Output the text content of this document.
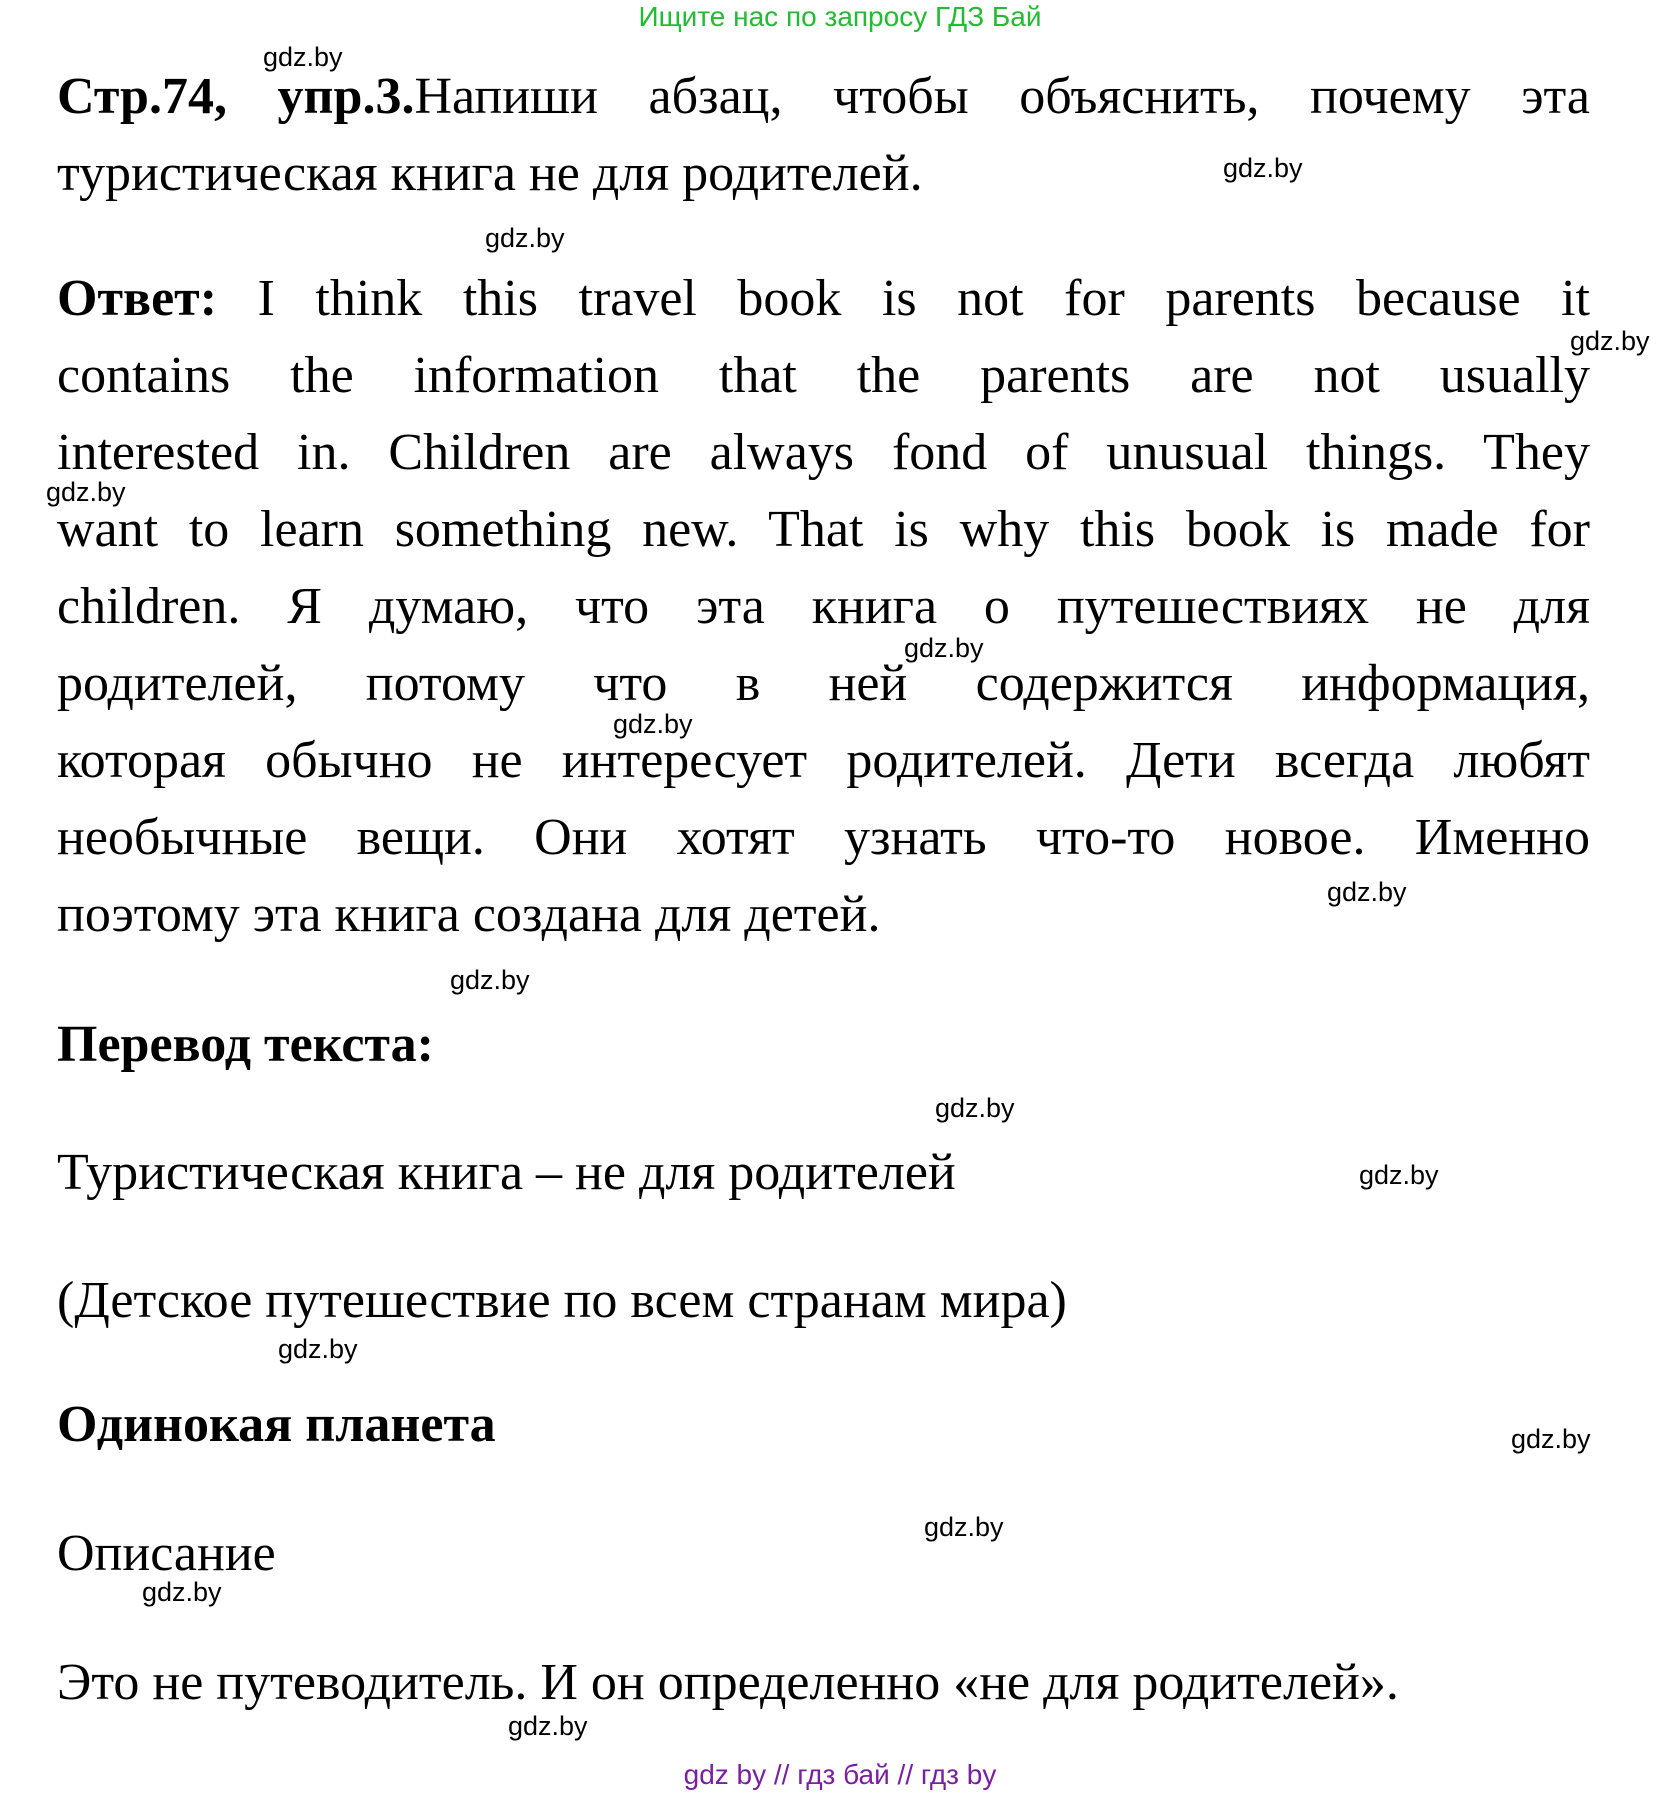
Ищите нас по запросу ГДЗ Бай
Стр.74, упр.3.Напиши абзац, чтобы объяснить, почему эта
туристическая книга не для родителей.
Ответ: I think this travel book is not for parents because it
contains the information that the parents are not usually
interested in. Children are always fond of unusual things. They
want to learn something new. That is why this book is made for
children. Я думаю, что эта книга о путешествиях не для
родителей, потому что в ней содержится информация,
которая обычно не интересует родителей. Дети всегда любят
необычные вещи. Они хотят узнать что-то новое. Именно
поэтому эта книга создана для детей.
Перевод текста:
Туристическая книга – не для родителей
(Детское путешествие по всем странам мира)
Одинокая планета
Описание
Это не путеводитель. И он определенно «не для родителей».
gdz.by
gdz.by
gdz.by
gdz.by
gdz.by
gdz.by
gdz.by
gdz.by
gdz.by
gdz.by
gdz.by
gdz.by
gdz.by
gdz.by
gdz.by
gdz.by
gdz by // гдз бай // гдз by
